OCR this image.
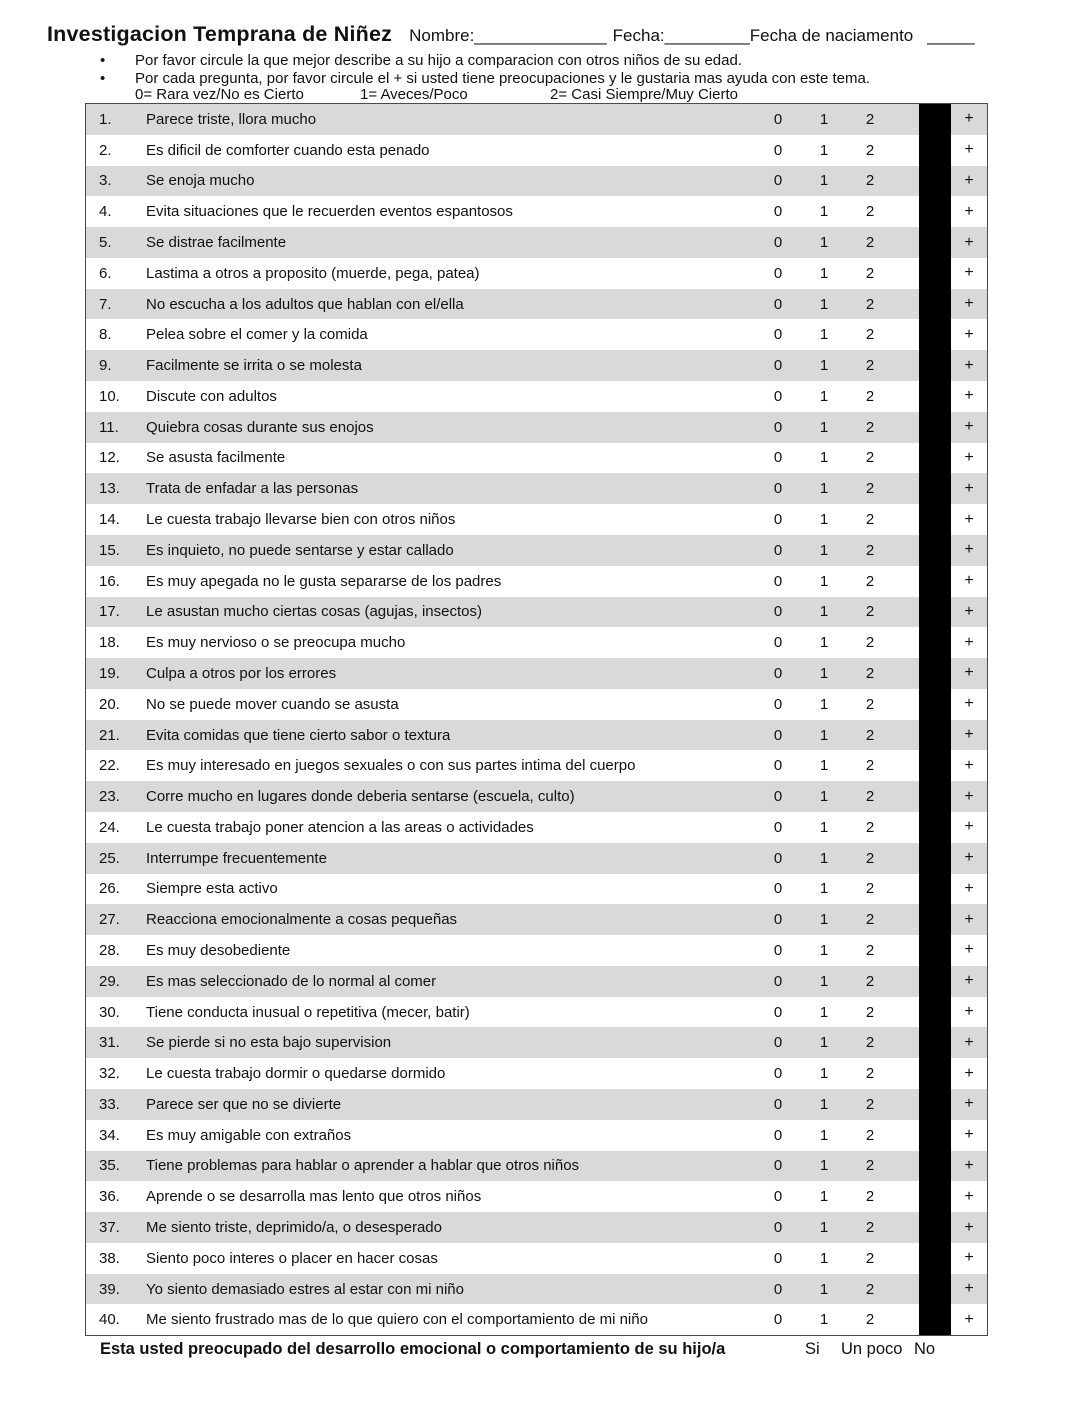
Investigacion Temprana de Niñez Nombre: ______________ Fecha: _________ Fecha de naciamento _____
•	Por favor circule la que mejor describe a su hijo a comparacion con otros niños de su edad.
•	Por cada pregunta, por favor circule el + si usted tiene preocupaciones y le gustaria mas ayuda con este tema.
0= Rara vez/No es Cierto	1= Aveces/Poco	2= Casi Siempre/Muy Cierto
1.	Parece triste, llora mucho	0	1	2	+
2.	Es dificil de comforter cuando esta penado	0	1	2	+
3.	Se enoja mucho	0	1	2	+
4.	Evita situaciones que le recuerden eventos espantosos	0	1	2	+
5.	Se distrae facilmente	0	1	2	+
6.	Lastima a otros a proposito (muerde, pega, patea)	0	1	2	+
7.	No escucha a los adultos que hablan con el/ella	0	1	2	+
8.	Pelea sobre el comer y la comida	0	1	2	+
9.	Facilmente se irrita o se molesta	0	1	2	+
10.	Discute con adultos	0	1	2	+
11.	Quiebra cosas durante sus enojos	0	1	2	+
12.	Se asusta facilmente	0	1	2	+
13.	Trata de enfadar a las personas	0	1	2	+
14.	Le cuesta trabajo llevarse bien con otros niños	0	1	2	+
15.	Es inquieto, no puede sentarse y estar callado	0	1	2	+
16.	Es muy apegada no le gusta separarse de los padres	0	1	2	+
17.	Le asustan mucho ciertas cosas (agujas, insectos)	0	1	2	+
18.	Es muy nervioso o se preocupa mucho	0	1	2	+
19.	Culpa a otros por los errores	0	1	2	+
20.	No se puede mover cuando se asusta	0	1	2	+
21.	Evita comidas que tiene cierto sabor o textura	0	1	2	+
22.	Es muy interesado en juegos sexuales o con sus partes intima del cuerpo	0	1	2	+
23.	Corre mucho en lugares donde deberia sentarse (escuela, culto)	0	1	2	+
24.	Le cuesta trabajo poner atencion a las areas o actividades	0	1	2	+
25.	Interrumpe frecuentemente	0	1	2	+
26.	Siempre esta activo	0	1	2	+
27.	Reacciona emocionalmente a cosas pequeñas	0	1	2	+
28.	Es muy desobediente	0	1	2	+
29.	Es mas seleccionado de lo normal al comer	0	1	2	+
30.	Tiene conducta inusual o repetitiva (mecer, batir)	0	1	2	+
31.	Se pierde si no esta bajo supervision	0	1	2	+
32.	Le cuesta trabajo dormir o quedarse dormido	0	1	2	+
33.	Parece ser que no se divierte	0	1	2	+
34.	Es muy amigable con extraños	0	1	2	+
35.	Tiene problemas para hablar o aprender a hablar que otros niños	0	1	2	+
36.	Aprende o se desarrolla mas lento que otros niños	0	1	2	+
37.	Me siento triste, deprimido/a, o desesperado	0	1	2	+
38.	Siento poco interes o placer en hacer cosas	0	1	2	+
39.	Yo siento demasiado estres al estar con mi niño	0	1	2	+
40.	Me siento frustrado mas de lo que quiero con el comportamiento de mi niño	0	1	2	+
Esta usted preocupado del desarrollo emocional o comportamiento de su hijo/a	Si Un poco No
